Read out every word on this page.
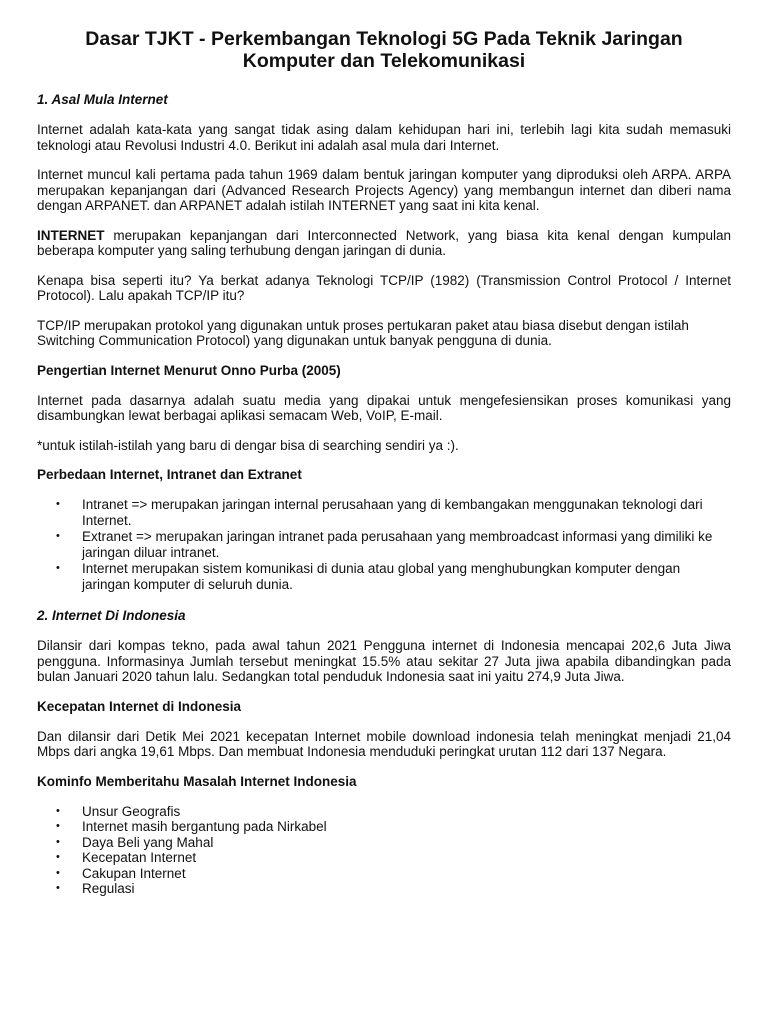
Dasar TJKT - Perkembangan Teknologi 5G Pada Teknik Jaringan
Komputer dan Telekomunikasi
1. Asal Mula Internet

Internet adalah kata-kata yang sangat tidak asing dalam kehidupan hari ini, terlebih lagi kita sudah memasuki teknologi atau Revolusi Industri 4.0. Berikut ini adalah asal mula dari Internet.

Internet muncul kali pertama pada tahun 1969 dalam bentuk jaringan komputer yang diproduksi oleh ARPA. ARPA merupakan kepanjangan dari (Advanced Research Projects Agency) yang membangun internet dan diberi nama dengan ARPANET. dan ARPANET adalah istilah INTERNET yang saat ini kita kenal.

INTERNET merupakan kepanjangan dari Interconnected Network, yang biasa kita kenal dengan kumpulan beberapa komputer yang saling terhubung dengan jaringan di dunia.

Kenapa bisa seperti itu? Ya berkat adanya Teknologi TCP/IP (1982) (Transmission Control Protocol / Internet Protocol). Lalu apakah TCP/IP itu?

TCP/IP merupakan protokol yang digunakan untuk proses pertukaran paket atau biasa disebut dengan istilah Switching Communication Protocol) yang digunakan untuk banyak pengguna di dunia.

Pengertian Internet Menurut Onno Purba (2005)

Internet pada dasarnya adalah suatu media yang dipakai untuk mengefesiensikan proses komunikasi yang disambungkan lewat berbagai aplikasi semacam Web, VoIP, E-mail.

*untuk istilah-istilah yang baru di dengar bisa di searching sendiri ya :).

Perbedaan Internet, Intranet dan Extranet
• Intranet => merupakan jaringan internal perusahaan yang di kembangakan menggunakan teknologi dari Internet.
• Extranet => merupakan jaringan intranet pada perusahaan yang membroadcast informasi yang dimiliki ke jaringan diluar intranet.
• Internet merupakan sistem komunikasi di dunia atau global yang menghubungkan komputer dengan jaringan komputer di seluruh dunia.
2. Internet Di Indonesia

Dilansir dari kompas tekno, pada awal tahun 2021 Pengguna internet di Indonesia mencapai 202,6 Juta Jiwa pengguna. Informasinya Jumlah tersebut meningkat 15.5% atau sekitar 27 Juta jiwa apabila dibandingkan pada bulan Januari 2020 tahun lalu. Sedangkan total penduduk Indonesia saat ini yaitu 274,9 Juta Jiwa.

Kecepatan Internet di Indonesia

Dan dilansir dari Detik Mei 2021 kecepatan Internet mobile download indonesia telah meningkat menjadi 21,04 Mbps dari angka 19,61 Mbps. Dan membuat Indonesia menduduki peringkat urutan 112 dari 137 Negara.

Kominfo Memberitahu Masalah Internet Indonesia
• Unsur Geografis
• Internet masih bergantung pada Nirkabel
• Daya Beli yang Mahal
• Kecepatan Internet
• Cakupan Internet
• Regulasi
